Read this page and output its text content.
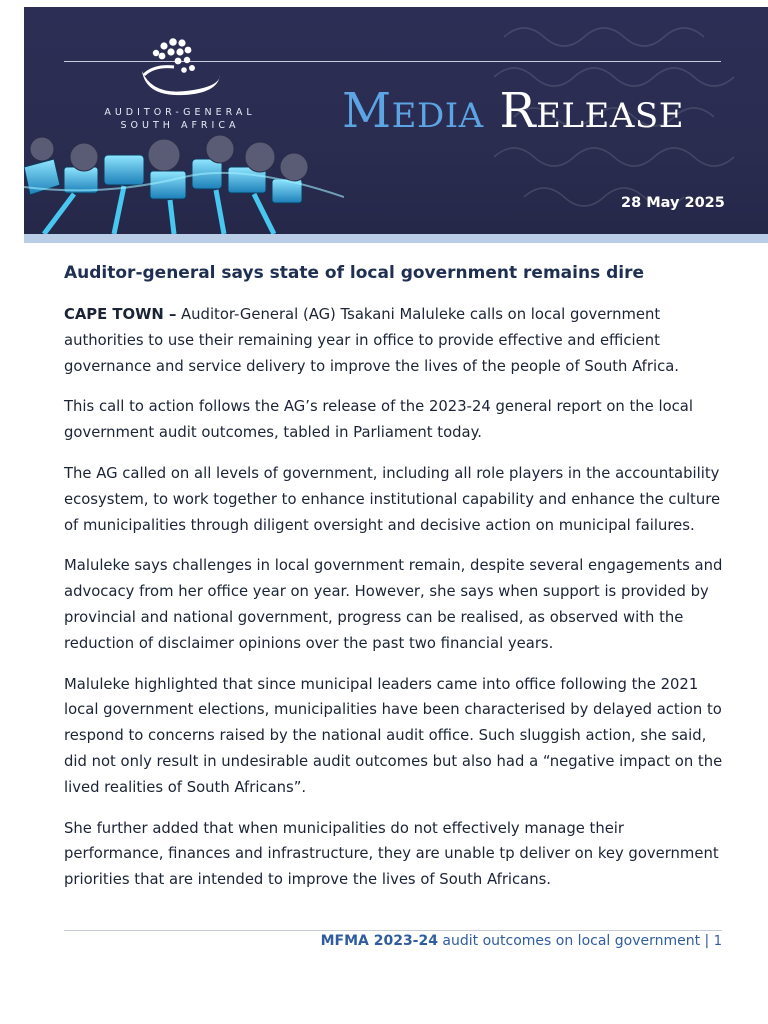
AUDITOR-GENERAL
SOUTH AFRICA	Media Release
28 May 2025
Auditor-general says state of local government remains dire

CAPE TOWN – Auditor-General (AG) Tsakani Maluleke calls on local government authorities to use their remaining year in office to provide effective and efficient governance and service delivery to improve the lives of the people of South Africa.

This call to action follows the AG’s release of the 2023-24 general report on the local government audit outcomes, tabled in Parliament today.

The AG called on all levels of government, including all role players in the accountability ecosystem, to work together to enhance institutional capability and enhance the culture of municipalities through diligent oversight and decisive action on municipal failures.

Maluleke says challenges in local government remain, despite several engagements and advocacy from her office year on year. However, she says when support is provided by provincial and national government, progress can be realised, as observed with the reduction of disclaimer opinions over the past two financial years.

Maluleke highlighted that since municipal leaders came into office following the 2021 local government elections, municipalities have been characterised by delayed action to respond to concerns raised by the national audit office. Such sluggish action, she said, did not only result in undesirable audit outcomes but also had a “negative impact on the lived realities of South Africans”.

She further added that when municipalities do not effectively manage their performance, finances and infrastructure, they are unable tp deliver on key government priorities that are intended to improve the lives of South Africans.

MFMA 2023-24 audit outcomes on local government | 1
